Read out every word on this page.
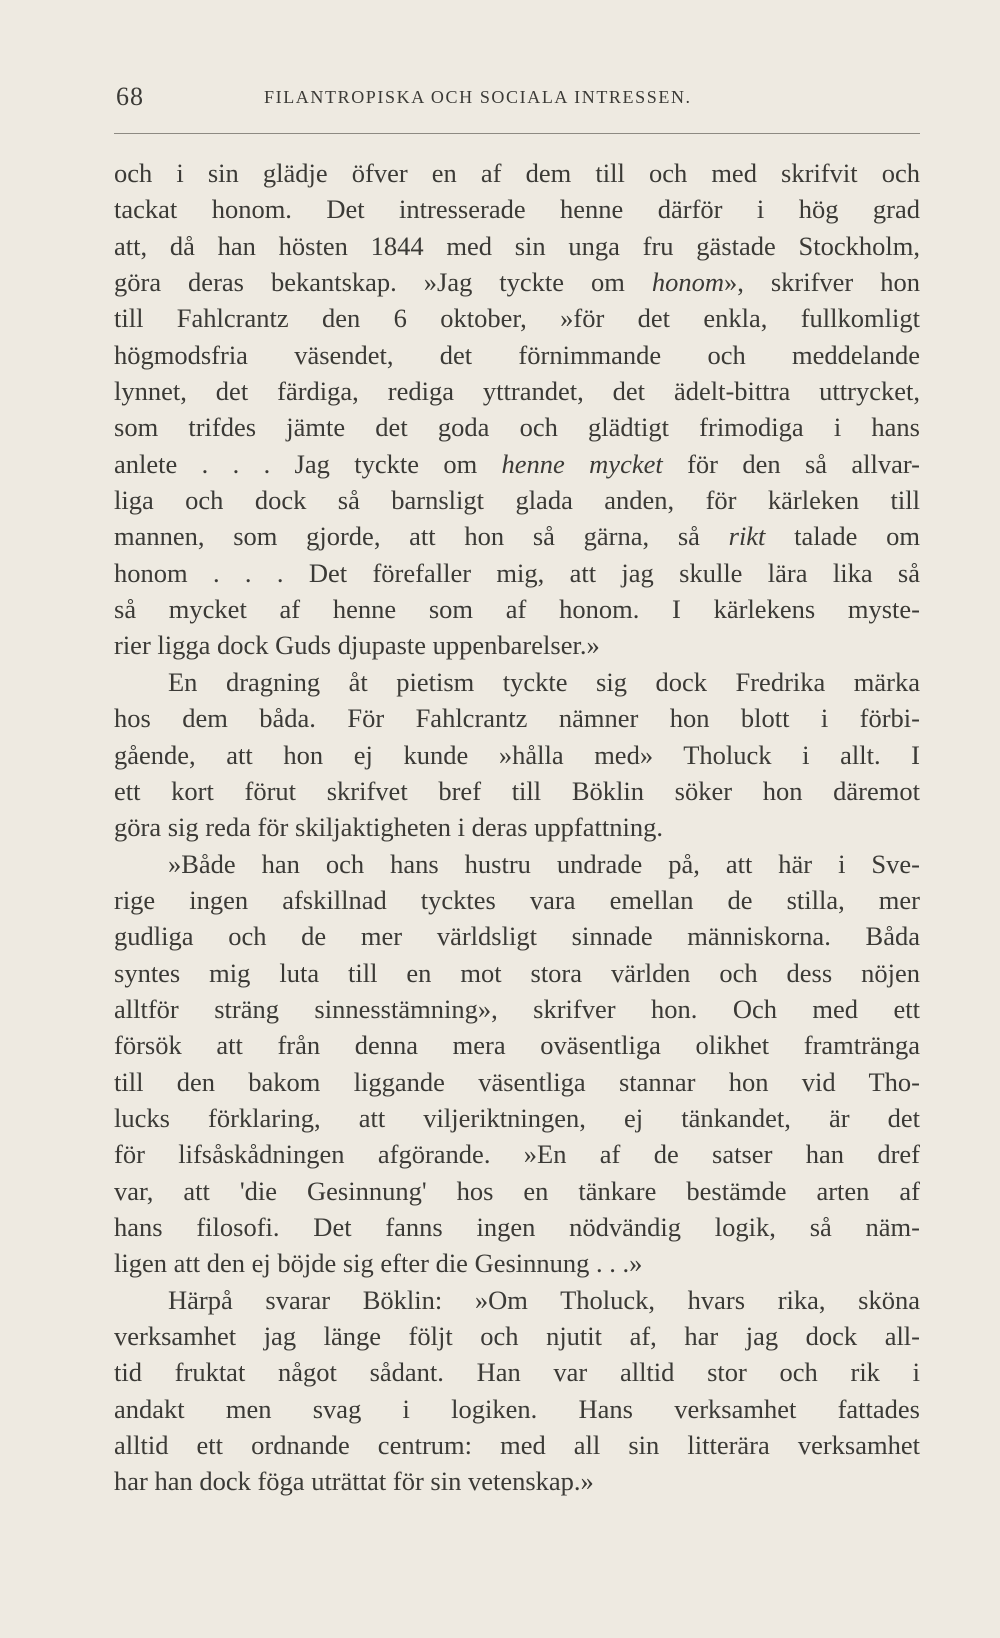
68	FILANTROPISKA OCH SOCIALA INTRESSEN.
och i sin glädje öfver en af dem till och med skrifvit och
tackat honom. Det intresserade henne därför i hög grad
att, då han hösten 1844 med sin unga fru gästade Stockholm,
göra deras bekantskap. »Jag tyckte om honom», skrifver hon
till Fahlcrantz den 6 oktober, »för det enkla, fullkomligt
högmodsfria väsendet, det förnimmande och meddelande
lynnet, det färdiga, rediga yttrandet, det ädelt-bittra uttrycket,
som trifdes jämte det goda och glädtigt frimodiga i hans
anlete . . . Jag tyckte om henne mycket för den så allvar-
liga och dock så barnsligt glada anden, för kärleken till
mannen, som gjorde, att hon så gärna, så rikt talade om
honom . . . Det förefaller mig, att jag skulle lära lika så
så mycket af henne som af honom. I kärlekens myste-
rier ligga dock Guds djupaste uppenbarelser.»
En dragning åt pietism tyckte sig dock Fredrika märka
hos dem båda. För Fahlcrantz nämner hon blott i förbi-
gående, att hon ej kunde »hålla med» Tholuck i allt. I
ett kort förut skrifvet bref till Böklin söker hon däremot
göra sig reda för skiljaktigheten i deras uppfattning.
»Både han och hans hustru undrade på, att här i Sve-
rige ingen afskillnad tycktes vara emellan de stilla, mer
gudliga och de mer världsligt sinnade människorna. Båda
syntes mig luta till en mot stora världen och dess nöjen
alltför sträng sinnesstämning», skrifver hon. Och med ett
försök att från denna mera oväsentliga olikhet framtränga
till den bakom liggande väsentliga stannar hon vid Tho-
lucks förklaring, att viljeriktningen, ej tänkandet, är det
för lifsåskådningen afgörande. »En af de satser han dref
var, att 'die Gesinnung' hos en tänkare bestämde arten af
hans filosofi. Det fanns ingen nödvändig logik, så näm-
ligen att den ej böjde sig efter die Gesinnung . . .»
Härpå svarar Böklin: »Om Tholuck, hvars rika, sköna
verksamhet jag länge följt och njutit af, har jag dock all-
tid fruktat något sådant. Han var alltid stor och rik i
andakt men svag i logiken. Hans verksamhet fattades
alltid ett ordnande centrum: med all sin litterära verksamhet
har han dock föga uträttat för sin vetenskap.»
